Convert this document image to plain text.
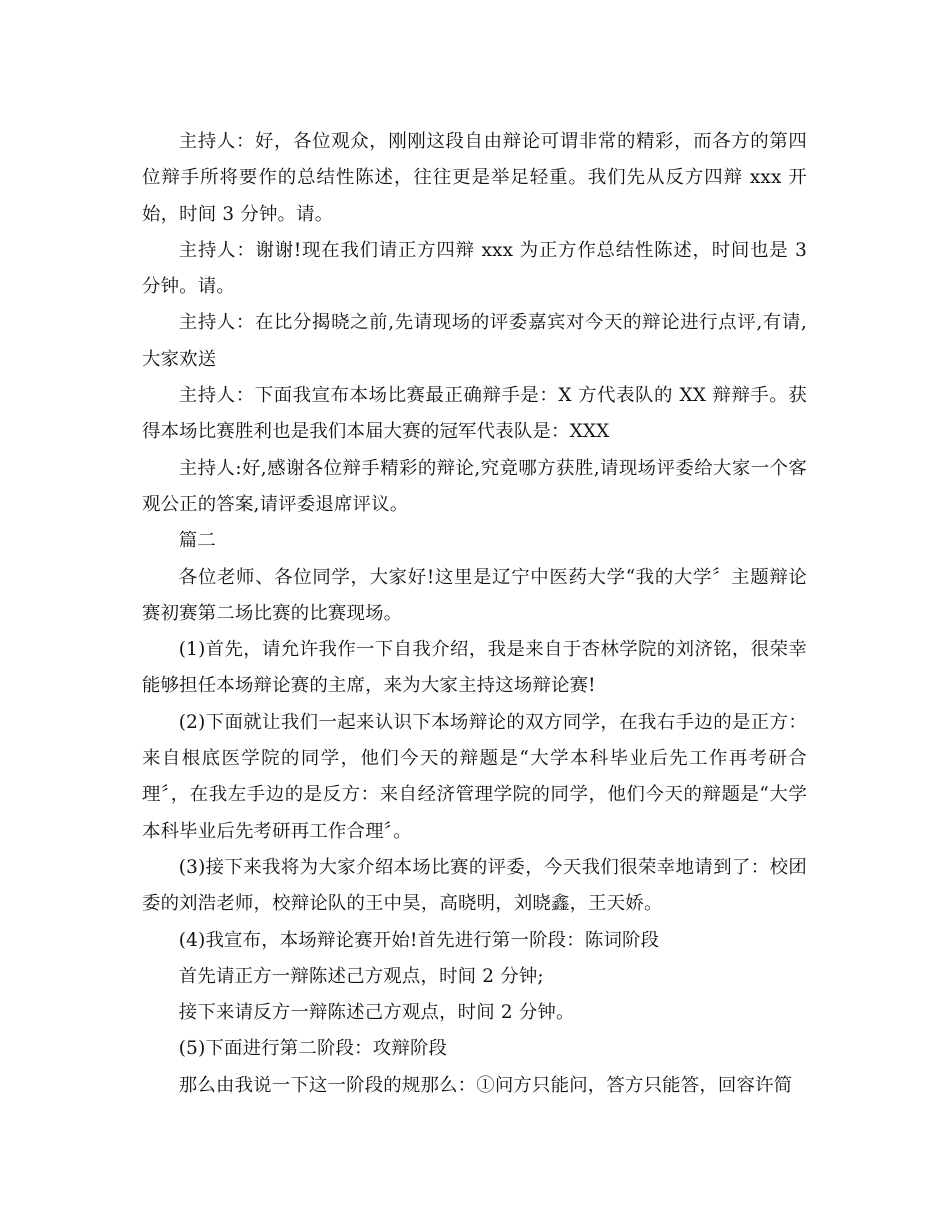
主持人：好，各位观众，刚刚这段自由辩论可谓非常的精彩，而各方的第四位辩手所将要作的总结性陈述，往往更是举足轻重。我们先从反方四辩 xxx 开始，时间 3 分钟。请。

主持人：谢谢!现在我们请正方四辩 xxx 为正方作总结性陈述，时间也是 3 分钟。请。

主持人：在比分揭晓之前,先请现场的评委嘉宾对今天的辩论进行点评,有请,大家欢送

主持人：下面我宣布本场比赛最正确辩手是：X 方代表队的 XX 辩辩手。获得本场比赛胜利也是我们本届大赛的冠军代表队是：XXX

主持人:好,感谢各位辩手精彩的辩论,究竟哪方获胜,请现场评委给大家一个客观公正的答案,请评委退席评议。

篇二

各位老师、各位同学，大家好!这里是辽宁中医药大学“我的大学〞主题辩论赛初赛第二场比赛的比赛现场。

(1)首先，请允许我作一下自我介绍，我是来自于杏林学院的刘济铭，很荣幸能够担任本场辩论赛的主席，来为大家主持这场辩论赛!

(2)下面就让我们一起来认识下本场辩论的双方同学，在我右手边的是正方：来自根底医学院的同学，他们今天的辩题是“大学本科毕业后先工作再考研合理〞，在我左手边的是反方：来自经济管理学院的同学，他们今天的辩题是“大学本科毕业后先考研再工作合理〞。

(3)接下来我将为大家介绍本场比赛的评委，今天我们很荣幸地请到了：校团委的刘浩老师，校辩论队的王中昊，高晓明，刘晓鑫，王天娇。

(4)我宣布，本场辩论赛开始!首先进行第一阶段：陈词阶段

首先请正方一辩陈述己方观点，时间 2 分钟;

接下来请反方一辩陈述己方观点，时间 2 分钟。

(5)下面进行第二阶段：攻辩阶段

那么由我说一下这一阶段的规那么：①问方只能问，答方只能答，回容许简
